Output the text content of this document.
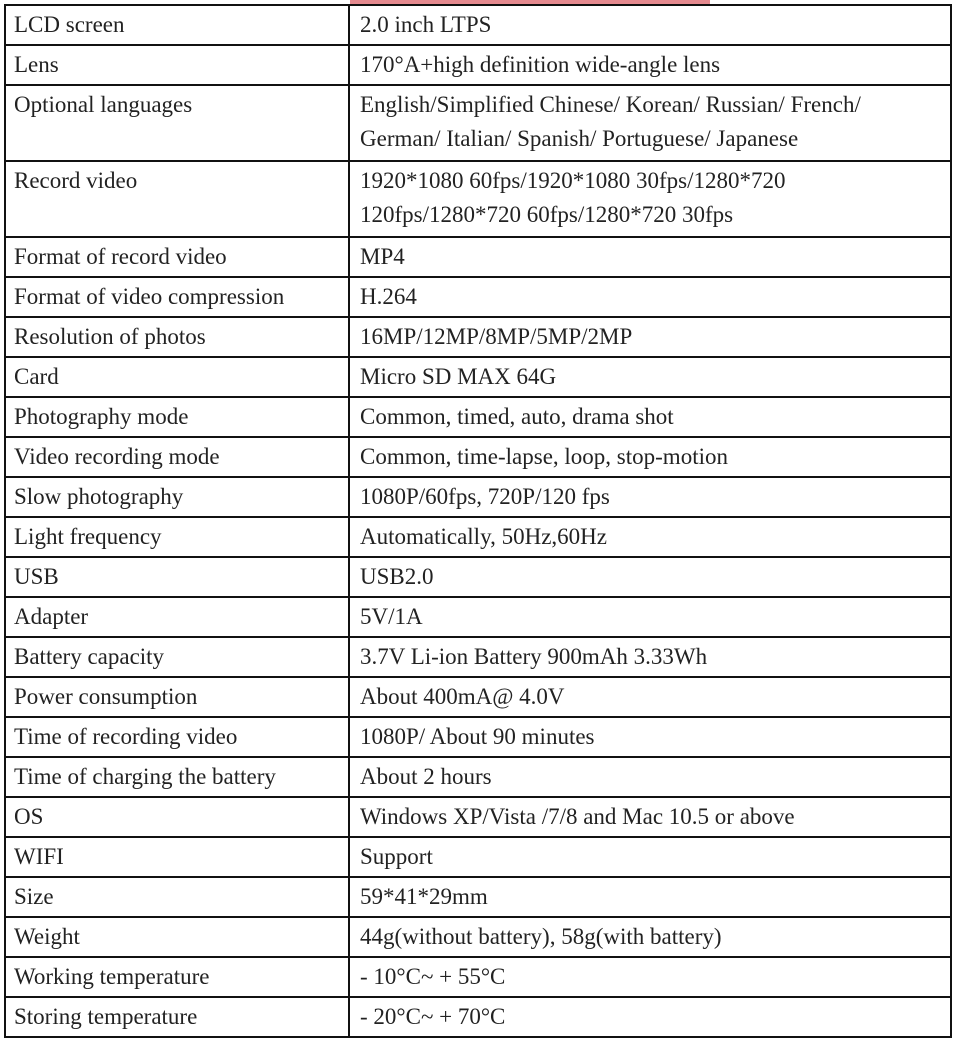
LCD screen	2.0 inch LTPS

Lens	170°A+high definition wide-angle lens

Optional languages	English/Simplified Chinese/ Korean/ Russian/ French/
German/ Italian/ Spanish/ Portuguese/ Japanese

Record video	1920*1080 60fps/1920*1080 30fps/1280*720
120fps/1280*720 60fps/1280*720 30fps

Format of record video	MP4

Format of video compression	H.264

Resolution of photos	16MP/12MP/8MP/5MP/2MP

Card	Micro SD MAX 64G

Photography mode	Common, timed, auto, drama shot

Video recording mode	Common, time-lapse, loop, stop-motion

Slow photography	1080P/60fps, 720P/120 fps

Light frequency	Automatically, 50Hz,60Hz

USB	USB2.0

Adapter	5V/1A

Battery capacity	3.7V Li-ion Battery 900mAh 3.33Wh

Power consumption	About 400mA@ 4.0V

Time of recording video	1080P/ About 90 minutes

Time of charging the battery	About 2 hours

OS	Windows XP/Vista /7/8 and Mac 10.5 or above

WIFI	Support

Size	59*41*29mm

Weight	44g(without battery), 58g(with battery)

Working temperature	- 10°C~ + 55°C

Storing temperature	- 20°C~ + 70°C
